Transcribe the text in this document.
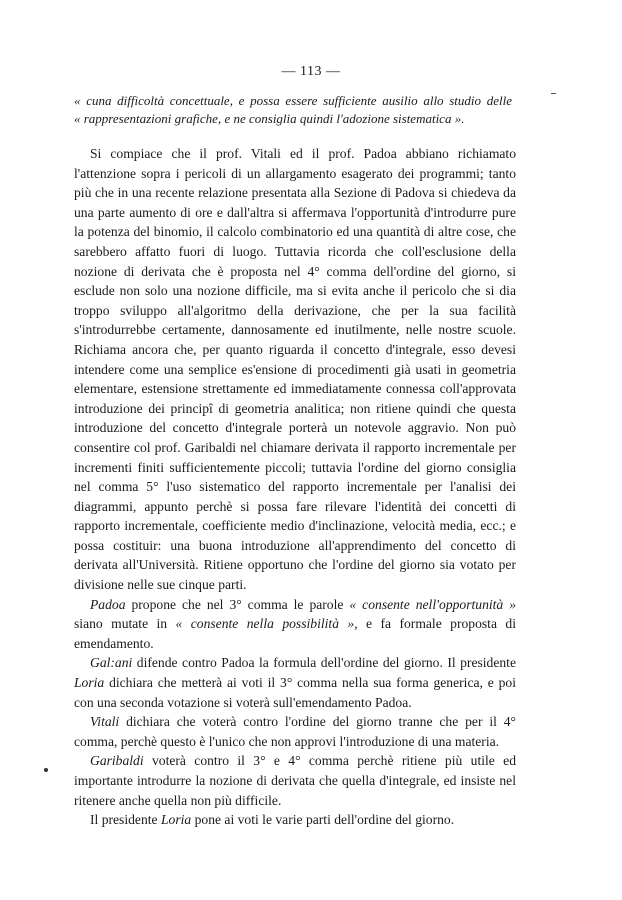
— 113 —

« cuna difficoltà concettuale, e possa essere sufficiente ausilio allo studio delle

« rappresentazioni grafiche, e ne consiglia quindi l'adozione sistematica ».

Si compiace che il prof. Vitali ed il prof. Padoa abbiano richiamato l'attenzione sopra i pericoli di un allargamento esagerato dei programmi; tanto più che in una recente relazione presentata alla Sezione di Padova si chiedeva da una parte aumento di ore e dall'altra si affermava l'opportunità d'introdurre pure la potenza del binomio, il calcolo combinatorio ed una quantità di altre cose, che sarebbero affatto fuori di luogo. Tuttavia ricorda che coll'esclusione della nozione di derivata che è proposta nel 4° comma dell'ordine del giorno, si esclude non solo una nozione difficile, ma si evita anche il pericolo che si dia troppo sviluppo all'algoritmo della derivazione, che per la sua facilità s'introdurrebbe certamente, dannosamente ed inutilmente, nelle nostre scuole. Richiama ancora che, per quanto riguarda il concetto d'integrale, esso devesi intendere come una semplice es'ensione di procedimenti già usati in geometria elementare, estensione strettamente ed immediatamente connessa coll'approvata introduzione dei principî di geometria analitica; non ritiene quindi che questa introduzione del concetto d'integrale porterà un notevole aggravio. Non può consentire col prof. Garibaldi nel chiamare derivata il rapporto incrementale per incrementi finiti sufficientemente piccoli; tuttavia l'ordine del giorno consiglia nel comma 5° l'uso sistematico del rapporto incrementale per l'analisi dei diagrammi, appunto perchè si possa fare rilevare l'identità dei concetti di rapporto incrementale, coefficiente medio d'inclinazione, velocità media, ecc.; e possa costituir: una buona introduzione all'apprendimento del concetto di derivata all'Università. Ritiene opportuno che l'ordine del giorno sia votato per divisione nelle sue cinque parti.

Padoa propone che nel 3° comma le parole « consente nell'opportunità » siano mutate in « consente nella possibilità », e fa formale proposta di emendamento.

Gal:ani difende contro Padoa la formula dell'ordine del giorno. Il presidente Loria dichiara che metterà ai voti il 3° comma nella sua forma generica, e poi con una seconda votazione si voterà sull'emendamento Padoa.

Vitali dichiara che voterà contro l'ordine del giorno tranne che per il 4° comma, perchè questo è l'unico che non approvi l'introduzione di una materia.

Garibaldi voterà contro il 3° e 4° comma perchè ritiene più utile ed importante introdurre la nozione di derivata che quella d'integrale, ed insiste nel ritenere anche quella non più difficile.

Il presidente Loria pone ai voti le varie parti dell'ordine del giorno.
